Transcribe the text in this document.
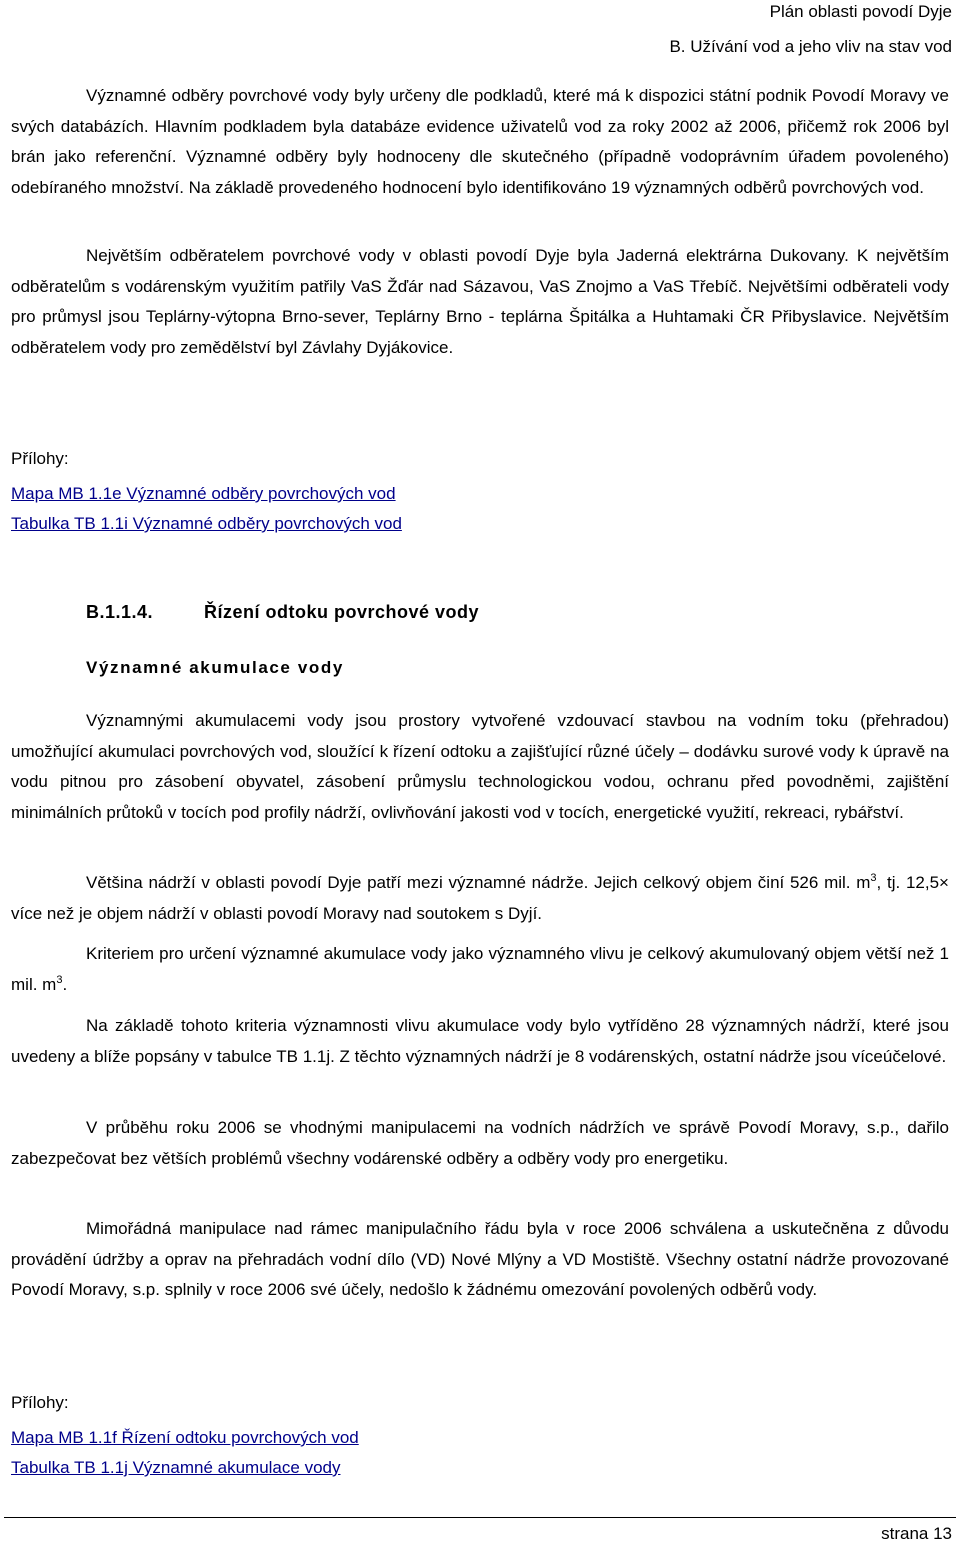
Plán oblasti povodí Dyje
B. Užívání vod a jeho vliv na stav vod
Významné odběry povrchové vody byly určeny dle podkladů, které má k dispozici státní podnik Povodí Moravy ve svých databázích. Hlavním podkladem byla databáze evidence uživatelů vod za roky 2002 až 2006, přičemž rok 2006 byl brán jako referenční. Významné odběry byly hodnoceny dle skutečného (případně vodoprávním úřadem povoleného) odebíraného množství. Na základě provedeného hodnocení bylo identifikováno 19 významných odběrů povrchových vod.
Největším odběratelem povrchové vody v oblasti povodí Dyje byla Jaderná elektrárna Dukovany. K největším odběratelům s vodárenským využitím patřily VaS Žďár nad Sázavou, VaS Znojmo a VaS Třebíč. Největšími odběrateli vody pro průmysl jsou Teplárny-výtopna Brno-sever, Teplárny Brno - teplárna Špitálka a Huhtamaki ČR Přibyslavice. Největším odběratelem vody pro zemědělství byl Závlahy Dyjákovice.
Přílohy:
Mapa MB 1.1e Významné odběry povrchových vod
Tabulka TB 1.1i Významné odběry povrchových vod
B.1.1.4.	Řízení odtoku povrchové vody
Významné akumulace vody
Významnými akumulacemi vody jsou prostory vytvořené vzdouvací stavbou na vodním toku (přehradou) umožňující akumulaci povrchových vod, sloužící k řízení odtoku a zajišťující různé účely – dodávku surové vody k úpravě na vodu pitnou pro zásobení obyvatel, zásobení průmyslu technologickou vodou, ochranu před povodněmi, zajištění minimálních průtoků v tocích pod profily nádrží, ovlivňování jakosti vod v tocích, energetické využití, rekreaci, rybářství.
Většina nádrží v oblasti povodí Dyje patří mezi významné nádrže. Jejich celkový objem činí 526 mil. $m^3$, tj. 12,5× více než je objem nádrží v oblasti povodí Moravy nad soutokem s Dyjí.
Kriteriem pro určení významné akumulace vody jako významného vlivu je celkový akumulovaný objem větší než 1 mil. $m^3$.
Na základě tohoto kriteria významnosti vlivu akumulace vody bylo vytříděno 28 významných nádrží, které jsou uvedeny a blíže popsány v tabulce TB 1.1j. Z těchto významných nádrží je 8 vodárenských, ostatní nádrže jsou víceúčelové.
V průběhu roku 2006 se vhodnými manipulacemi na vodních nádržích ve správě Povodí Moravy, s.p., dařilo zabezpečovat bez větších problémů všechny vodárenské odběry a odběry vody pro energetiku.
Mimořádná manipulace nad rámec manipulačního řádu byla v roce 2006 schválena a uskutečněna z důvodu provádění údržby a oprav na přehradách vodní dílo (VD) Nové Mlýny a VD Mostiště. Všechny ostatní nádrže provozované Povodí Moravy, s.p. splnily v roce 2006 své účely, nedošlo k žádnému omezování povolených odběrů vody.
Přílohy:
Mapa MB 1.1f Řízení odtoku povrchových vod
Tabulka TB 1.1j Významné akumulace vody
strana 13
